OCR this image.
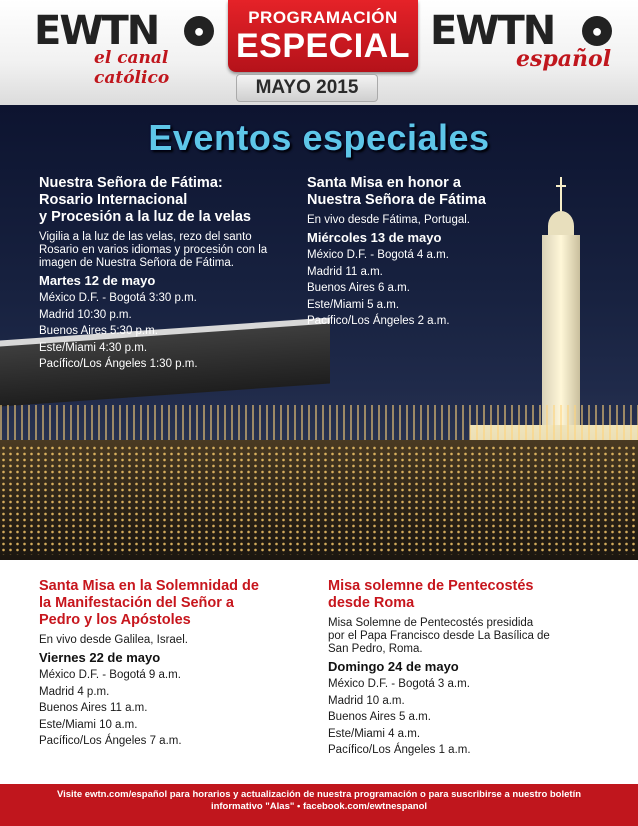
EWTN	●
el canal católico
PROGRAMACIÓN
ESPECIAL EWTN	●
español
MAYO 2015
Eventos especiales

Nuestra Señora de Fátima:
Rosario Internacional
y Procesión a la luz de la velas

Vigilia a la luz de las velas, rezo del santo
Rosario en varios idiomas y procesión con la
imagen de Nuestra Señora de Fátima.

Martes 12 de mayo

México D.F. - Bogotá 3:30 p.m.

Madrid 10:30 p.m.

Buenos Aires 5:30 p.m.

Este/Miami 4:30 p.m.

Pacífico/Los Ángeles 1:30 p.m.

Santa Misa en honor a
Nuestra Señora de Fátima

En vivo desde Fátima, Portugal.

Miércoles 13 de mayo

México D.F. - Bogotá 4 a.m.

Madrid 11 a.m.

Buenos Aires 6 a.m.

Este/Miami 5 a.m.

Pacífico/Los Ángeles 2 a.m.

Santa Misa en la Solemnidad de
la Manifestación del Señor a
Pedro y los Apóstoles

En vivo desde Galilea, Israel.

Viernes 22 de mayo

México D.F. - Bogotá 9 a.m.

Madrid 4 p.m.

Buenos Aires 11 a.m.

Este/Miami 10 a.m.

Pacífico/Los Ángeles 7 a.m.

Misa solemne de Pentecostés
desde Roma

Misa Solemne de Pentecostés presidida
por el Papa Francisco desde La Basílica de
San Pedro, Roma.

Domingo 24 de mayo

México D.F. - Bogotá 3 a.m.

Madrid 10 a.m.

Buenos Aires 5 a.m.

Este/Miami 4 a.m.

Pacífico/Los Ángeles 1 a.m.

Visite ewtn.com/español para horarios y actualización de nuestra programación o para suscribirse a nuestro boletín informativo "Alas" • facebook.com/ewtnespanol
